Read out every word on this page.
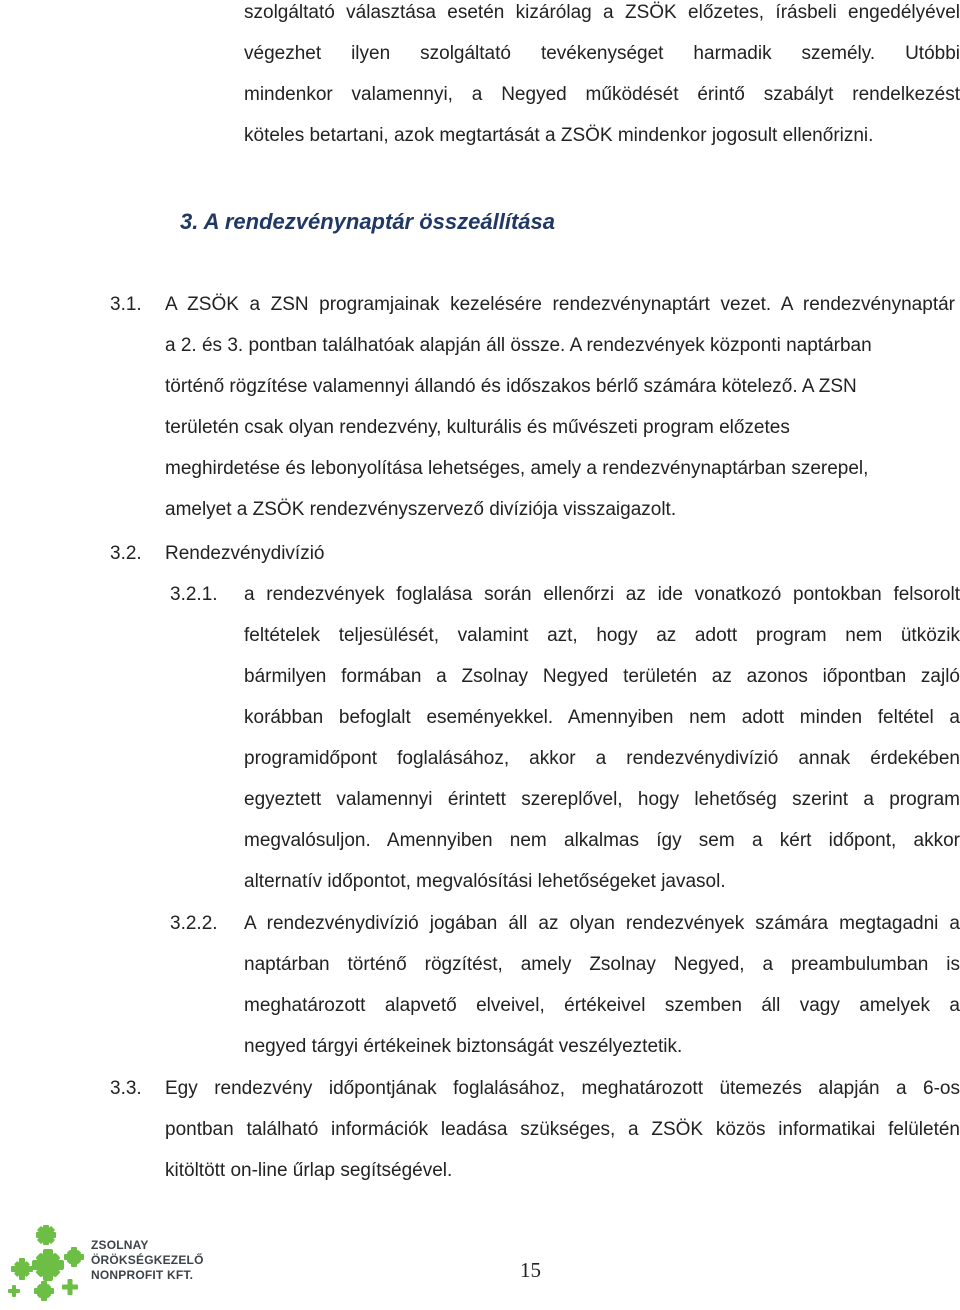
szolgáltató választása esetén kizárólag a ZSÖK előzetes, írásbeli engedélyével
végezhet ilyen szolgáltató tevékenységet harmadik személy. Utóbbi
mindenkor valamennyi, a Negyed működését érintő szabályt rendelkezést
köteles betartani, azok megtartását a ZSÖK mindenkor jogosult ellenőrizni.
3. A rendezvénynaptár összeállítása
3.1. A ZSÖK a ZSN programjainak kezelésére rendezvénynaptárt vezet. A rendezvénynaptár
a 2. és 3. pontban találhatóak alapján áll össze. A rendezvények központi naptárban
történő rögzítése valamennyi állandó és időszakos bérlő számára kötelező. A ZSN
területén csak olyan rendezvény, kulturális és művészeti program előzetes
meghirdetése és lebonyolítása lehetséges, amely a rendezvénynaptárban szerepel,
amelyet a ZSÖK rendezvényszervező divíziója visszaigazolt.
3.2. Rendezvénydivízió
3.2.1. a rendezvények foglalása során ellenőrzi az ide vonatkozó pontokban felsorolt
feltételek teljesülését, valamint azt, hogy az adott program nem ütközik
bármilyen formában a Zsolnay Negyed területén az azonos iőpontban zajló
korábban befoglalt eseményekkel. Amennyiben nem adott minden feltétel a
programidőpont foglalásához, akkor a rendezvénydivízió annak érdekében
egyeztett valamennyi érintett szereplővel, hogy lehetőség szerint a program
megvalósuljon. Amennyiben nem alkalmas így sem a kért időpont, akkor
alternatív időpontot, megvalósítási lehetőségeket javasol.
3.2.2. A rendezvénydivízió jogában áll az olyan rendezvények számára megtagadni a
naptárban történő rögzítést, amely Zsolnay Negyed, a preambulumban is
meghatározott alapvető elveivel, értékeivel szemben áll vagy amelyek a
negyed tárgyi értékeinek biztonságát veszélyeztetik.
3.3. Egy rendezvény időpontjának foglalásához, meghatározott ütemezés alapján a 6-os
pontban található információk leadása szükséges, a ZSÖK közös informatikai felületén
kitöltött on-line űrlap segítségével.
ZSOLNAY
ÖRÖKSÉGKEZELŐ
NONPROFIT KFT.	15
